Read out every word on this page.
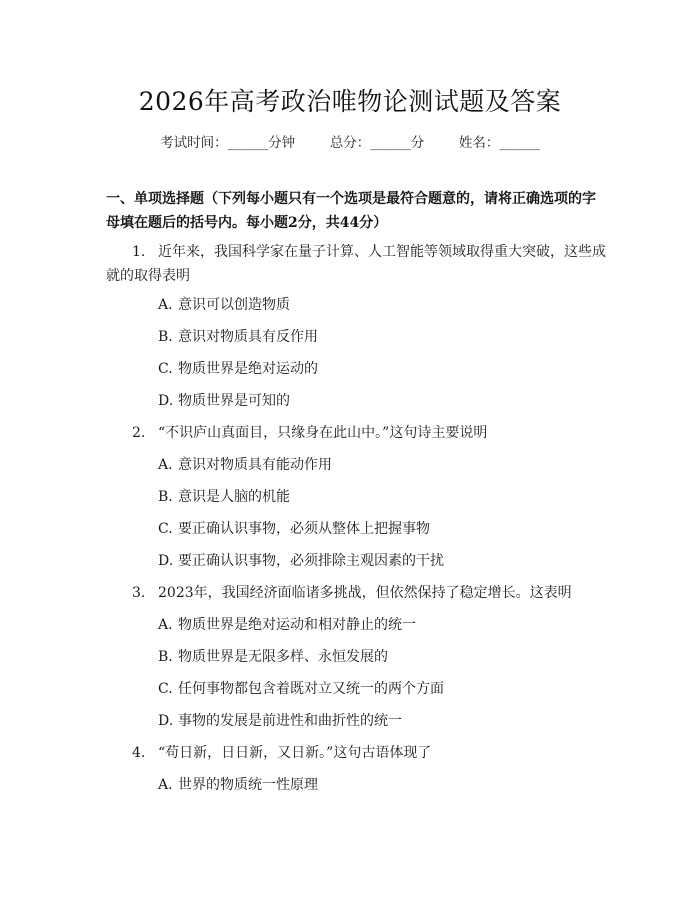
2026年高考政治唯物论测试题及答案
考试时间：______分钟	总分：______分	姓名：______
一、单项选择题（下列每小题只有一个选项是最符合题意的，请将正确选项的字母填在题后的括号内。每小题2分，共44分）
1. 近年来，我国科学家在量子计算、人工智能等领域取得重大突破，这些成就的取得表明
A. 意识可以创造物质
B. 意识对物质具有反作用
C. 物质世界是绝对运动的
D. 物质世界是可知的
2. “不识庐山真面目，只缘身在此山中。”这句诗主要说明
A. 意识对物质具有能动作用
B. 意识是人脑的机能
C. 要正确认识事物，必须从整体上把握事物
D. 要正确认识事物，必须排除主观因素的干扰
3. 2023年，我国经济面临诸多挑战，但依然保持了稳定增长。这表明
A. 物质世界是绝对运动和相对静止的统一
B. 物质世界是无限多样、永恒发展的
C. 任何事物都包含着既对立又统一的两个方面
D. 事物的发展是前进性和曲折性的统一
4. “苟日新，日日新，又日新。”这句古语体现了
A. 世界的物质统一性原理
